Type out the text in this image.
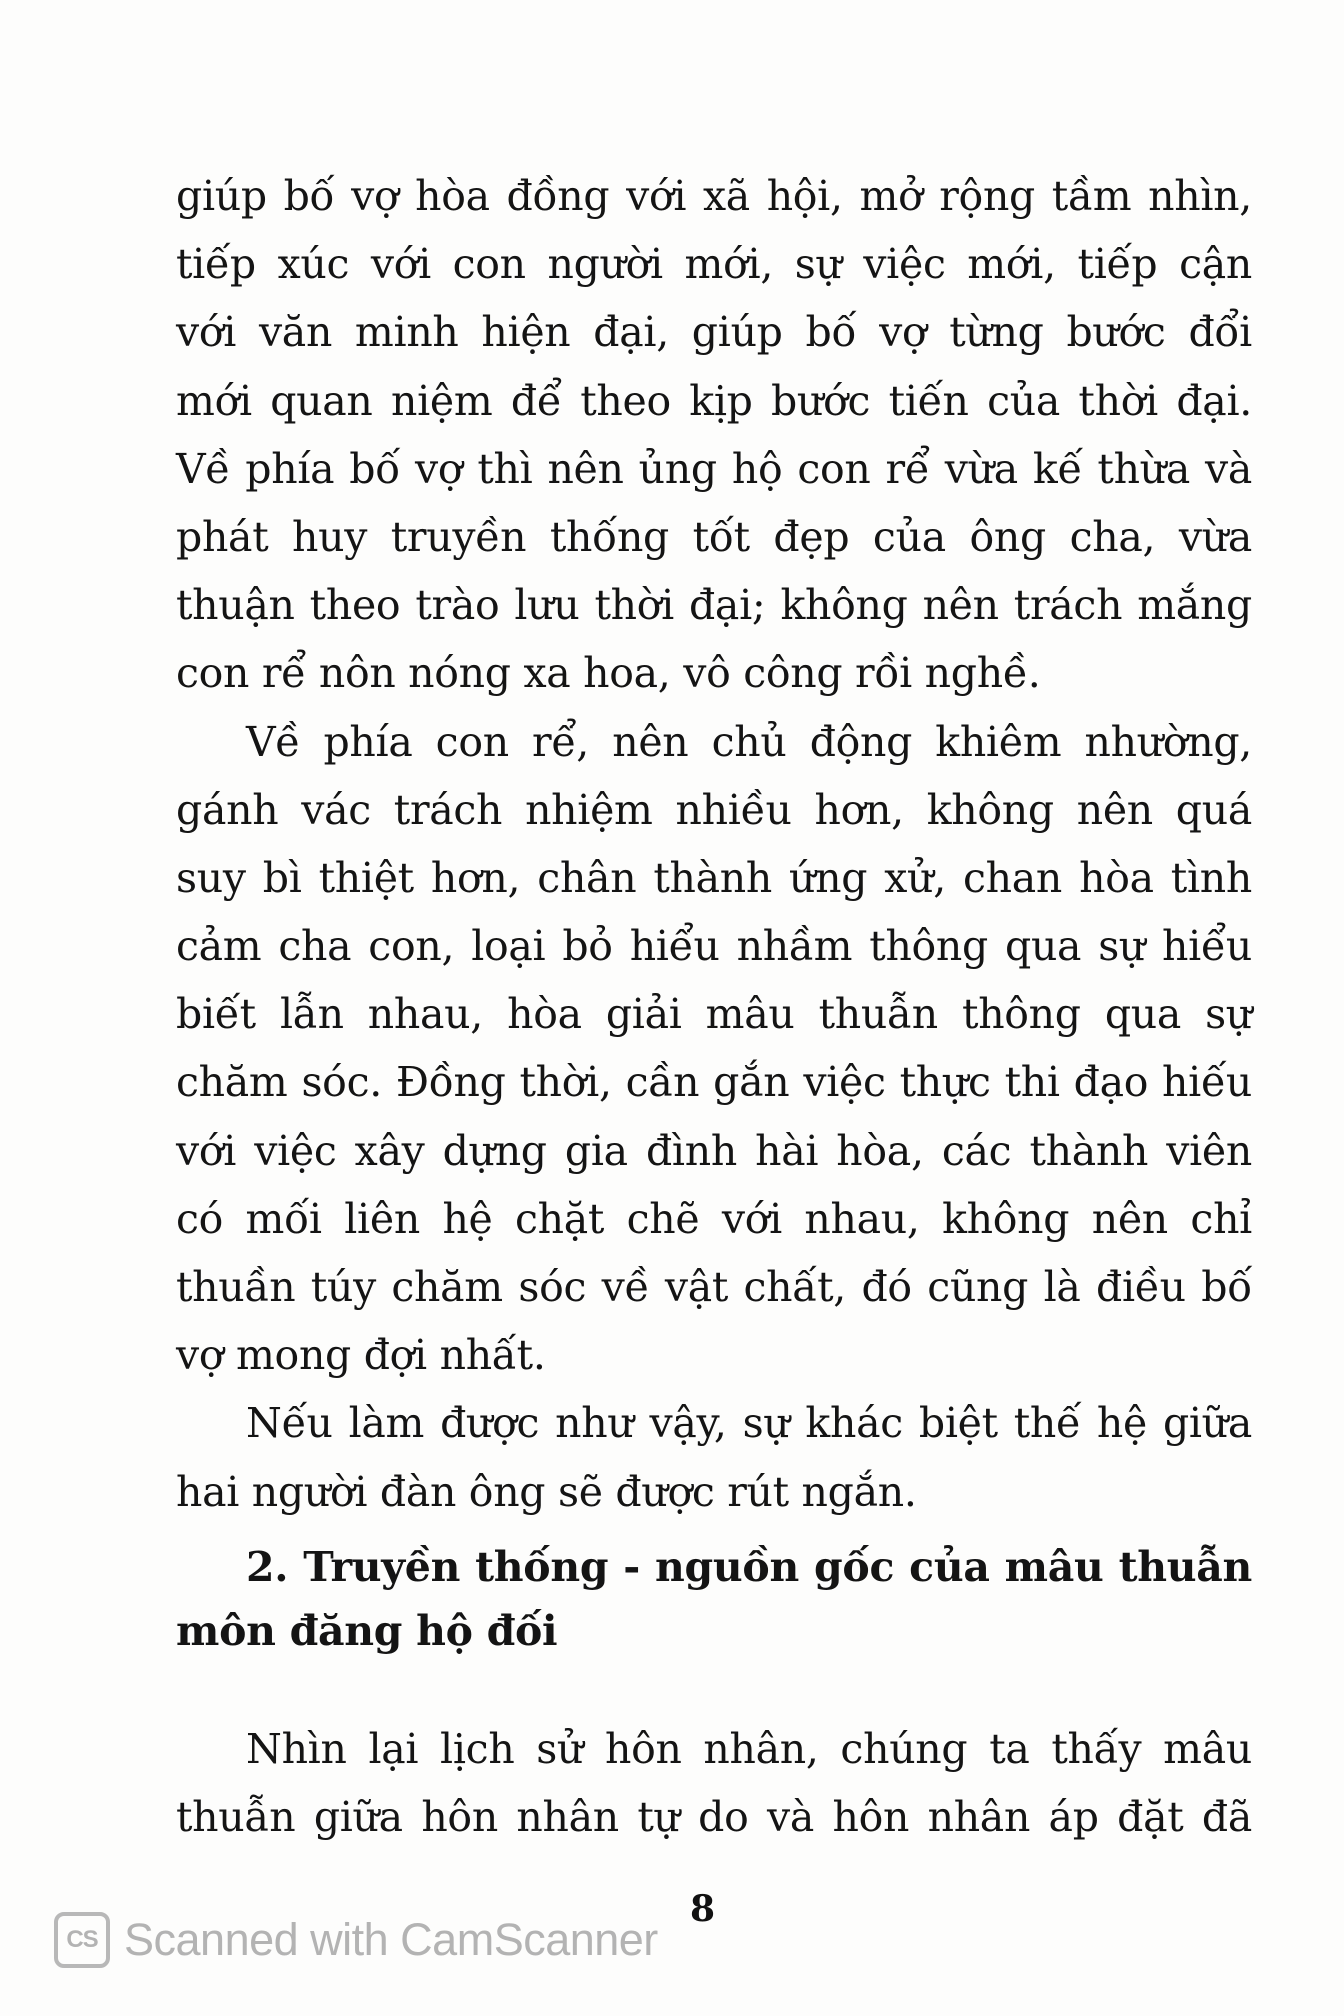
giúp bố vợ hòa đồng với xã hội, mở rộng tầm nhìn,
tiếp xúc với con người mới, sự việc mới, tiếp cận
với văn minh hiện đại, giúp bố vợ từng bước đổi
mới quan niệm để theo kịp bước tiến của thời đại.
Về phía bố vợ thì nên ủng hộ con rể vừa kế thừa và
phát huy truyền thống tốt đẹp của ông cha, vừa
thuận theo trào lưu thời đại; không nên trách mắng
con rể nôn nóng xa hoa, vô công rồi nghề.
Về phía con rể, nên chủ động khiêm nhường,
gánh vác trách nhiệm nhiều hơn, không nên quá
suy bì thiệt hơn, chân thành ứng xử, chan hòa tình
cảm cha con, loại bỏ hiểu nhầm thông qua sự hiểu
biết lẫn nhau, hòa giải mâu thuẫn thông qua sự
chăm sóc. Đồng thời, cần gắn việc thực thi đạo hiếu
với việc xây dựng gia đình hài hòa, các thành viên
có mối liên hệ chặt chẽ với nhau, không nên chỉ
thuần túy chăm sóc về vật chất, đó cũng là điều bố
vợ mong đợi nhất.
Nếu làm được như vậy, sự khác biệt thế hệ giữa
hai người đàn ông sẽ được rút ngắn.
2. Truyền thống - nguồn gốc của mâu thuẫn
môn đăng hộ đối
Nhìn lại lịch sử hôn nhân, chúng ta thấy mâu
thuẫn giữa hôn nhân tự do và hôn nhân áp đặt đã
8
CS Scanned with CamScanner
